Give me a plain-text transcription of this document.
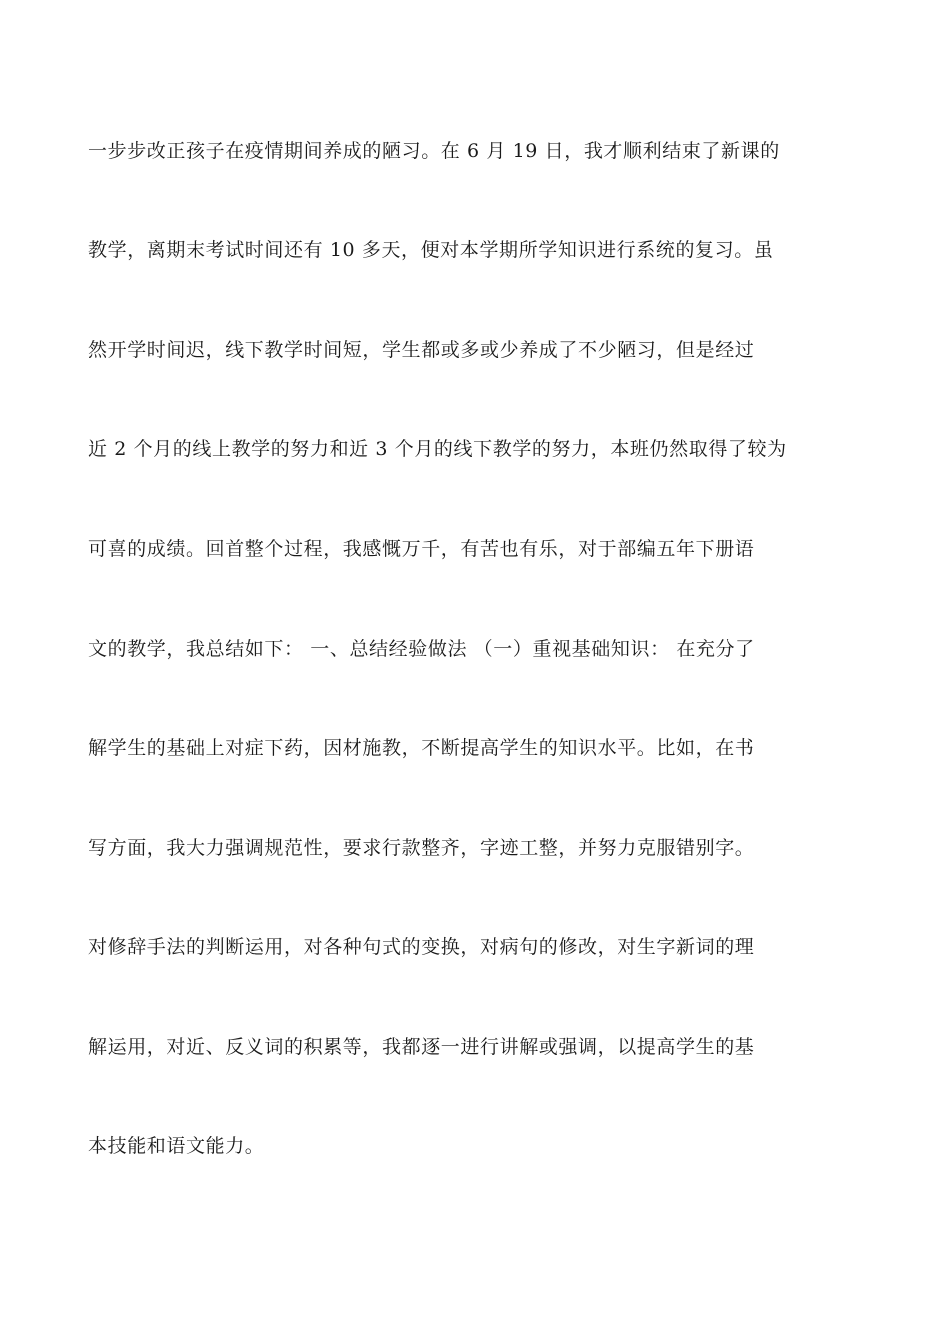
一步步改正孩子在疫情期间养成的陋习。在 6 月 19 日，我才顺利结束了新课的
教学，离期末考试时间还有 10 多天，便对本学期所学知识进行系统的复习。虽
然开学时间迟，线下教学时间短，学生都或多或少养成了不少陋习，但是经过
近 2 个月的线上教学的努力和近 3 个月的线下教学的努力，本班仍然取得了较为
可喜的成绩。回首整个过程，我感慨万千，有苦也有乐，对于部编五年下册语
文的教学，我总结如下： 一、总结经验做法 （一）重视基础知识： 在充分了
解学生的基础上对症下药，因材施教，不断提高学生的知识水平。比如，在书
写方面，我大力强调规范性，要求行款整齐，字迹工整，并努力克服错别字。
对修辞手法的判断运用，对各种句式的变换，对病句的修改，对生字新词的理
解运用，对近、反义词的积累等，我都逐一进行讲解或强调，以提高学生的基
本技能和语文能力。
